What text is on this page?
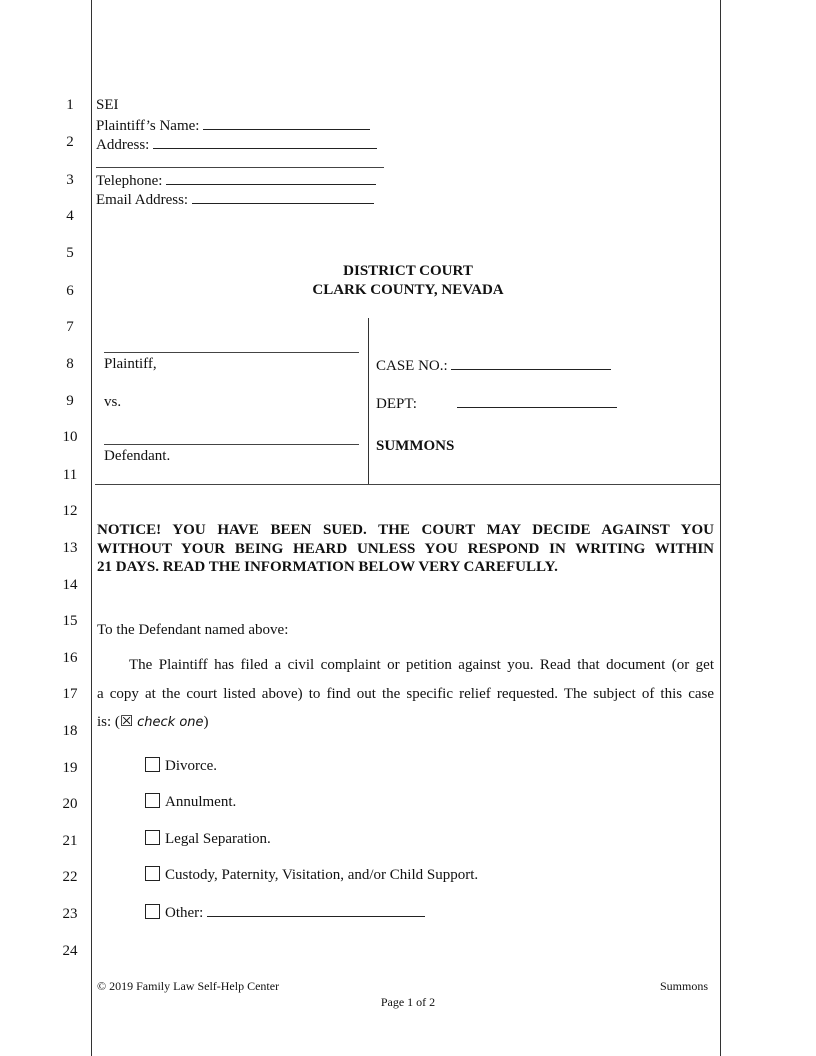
1
2
3
4
5
6
7
8
9
10
11
12
13
14
15
16
17
18
19
20
21
22
23
24
SEI
Plaintiff’s Name:
Address:
Telephone:
Email Address:
DISTRICT COURT
CLARK COUNTY, NEVADA
Plaintiff,
vs.
Defendant.
CASE NO.:
DEPT:
SUMMONS
NOTICE! YOU HAVE BEEN SUED. THE COURT MAY DECIDE AGAINST YOU
WITHOUT YOUR BEING HEARD UNLESS YOU RESPOND IN WRITING WITHIN
21 DAYS. READ THE INFORMATION BELOW VERY CAREFULLY.
To the Defendant named above:
The Plaintiff has filed a civil complaint or petition against you. Read that document (or get
a copy at the court listed above) to find out the specific relief requested. The subject of this case
is: (☒ check one)
Divorce.
Annulment.
Legal Separation.
Custody, Paternity, Visitation, and/or Child Support.
Other:
© 2019 Family Law Self-Help Center	Summons
Page 1 of 2
